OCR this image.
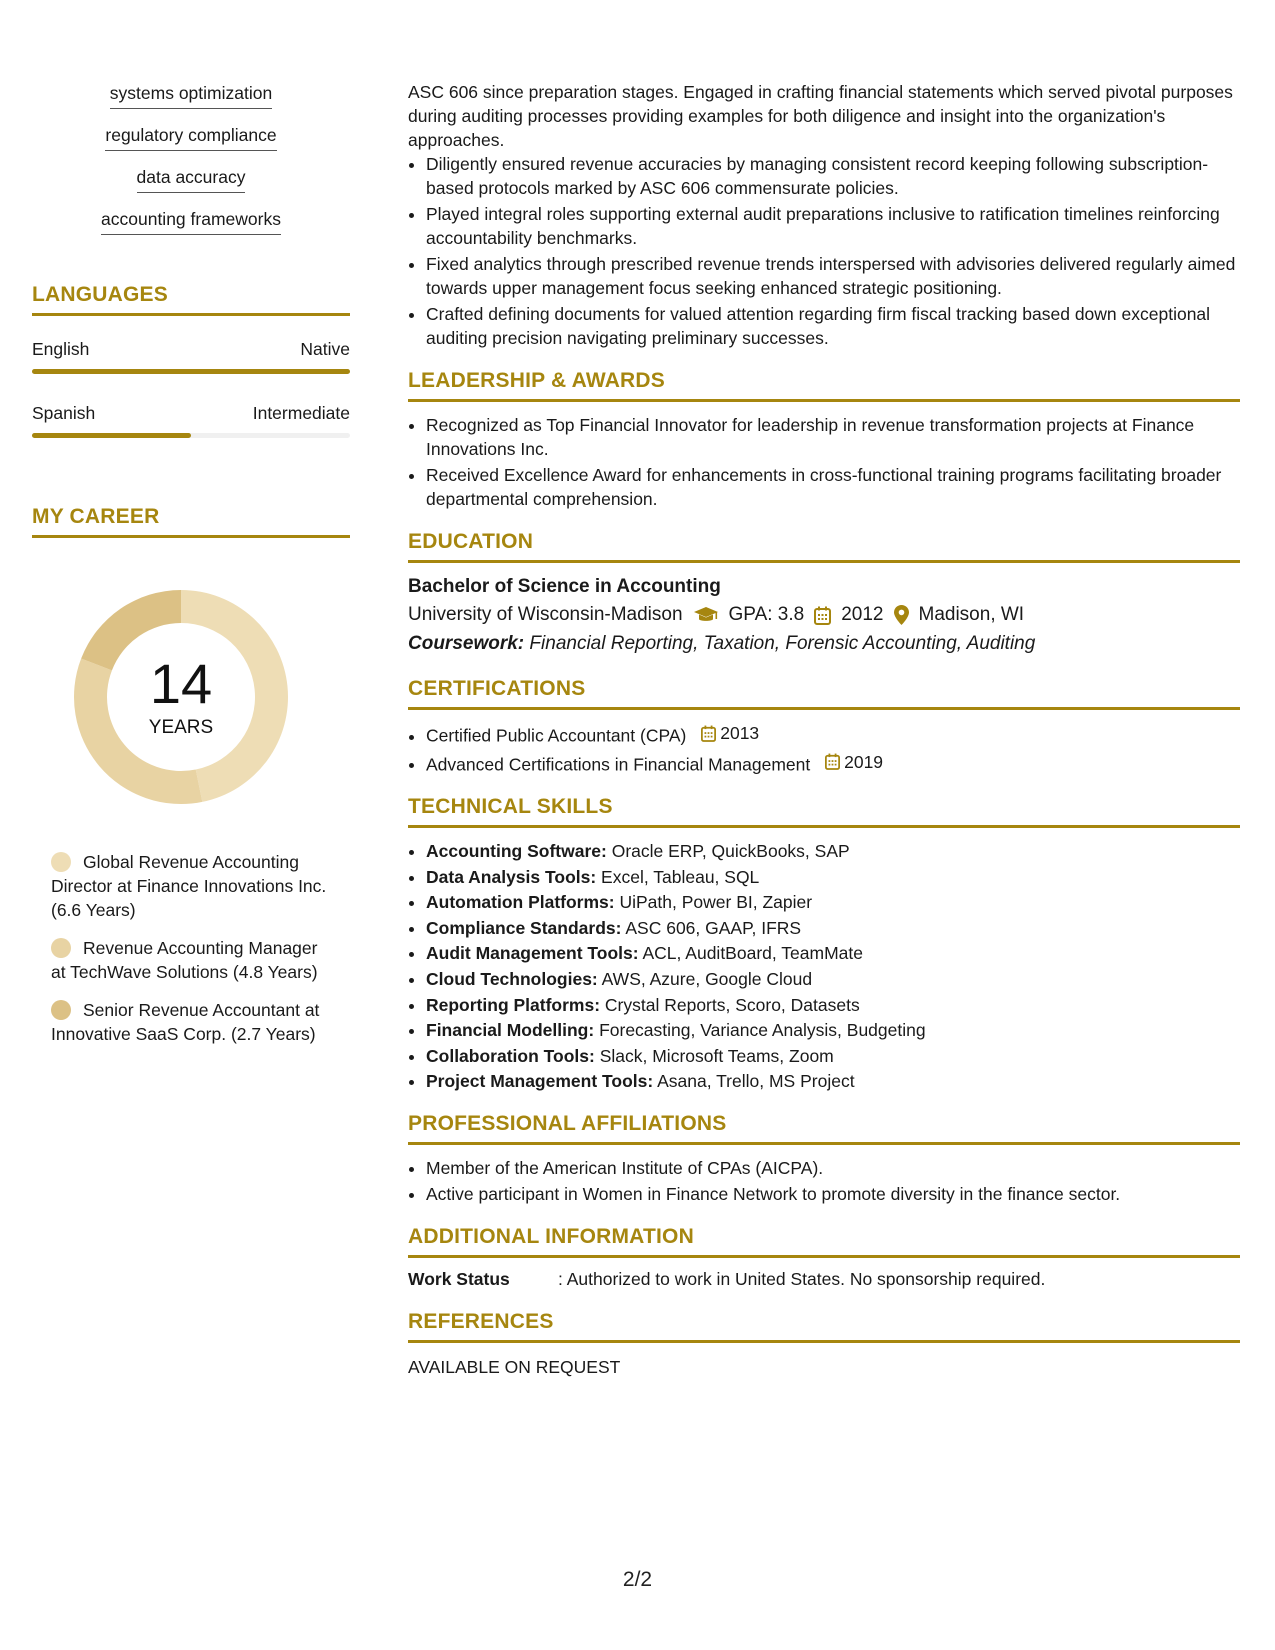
systems optimization
regulatory compliance
data accuracy
accounting frameworks
LANGUAGES
English	Native
Spanish	Intermediate
MY CAREER
14
YEARS
Global Revenue Accounting Director at Finance Innovations Inc. (6.6 Years)
Revenue Accounting Manager at TechWave Solutions (4.8 Years)
Senior Revenue Accountant at Innovative SaaS Corp. (2.7 Years)
ASC 606 since preparation stages. Engaged in crafting financial statements which served pivotal purposes during auditing processes providing examples for both diligence and insight into the organization's approaches.
• Diligently ensured revenue accuracies by managing consistent record keeping following subscription-based protocols marked by ASC 606 commensurate policies.
• Played integral roles supporting external audit preparations inclusive to ratification timelines reinforcing accountability benchmarks.
• Fixed analytics through prescribed revenue trends interspersed with advisories delivered regularly aimed towards upper management focus seeking enhanced strategic positioning.
• Crafted defining documents for valued attention regarding firm fiscal tracking based down exceptional auditing precision navigating preliminary successes.
LEADERSHIP & AWARDS
• Recognized as Top Financial Innovator for leadership in revenue transformation projects at Finance Innovations Inc.
• Received Excellence Award for enhancements in cross-functional training programs facilitating broader departmental comprehension.
EDUCATION
Bachelor of Science in Accounting
University of Wisconsin-Madison GPA: 3.8 2012 Madison, WI
Coursework: Financial Reporting, Taxation, Forensic Accounting, Auditing
CERTIFICATIONS
• Certified Public Accountant (CPA) 2013
• Advanced Certifications in Financial Management 2019
TECHNICAL SKILLS
• Accounting Software: Oracle ERP, QuickBooks, SAP
• Data Analysis Tools: Excel, Tableau, SQL
• Automation Platforms: UiPath, Power BI, Zapier
• Compliance Standards: ASC 606, GAAP, IFRS
• Audit Management Tools: ACL, AuditBoard, TeamMate
• Cloud Technologies: AWS, Azure, Google Cloud
• Reporting Platforms: Crystal Reports, Scoro, Datasets
• Financial Modelling: Forecasting, Variance Analysis, Budgeting
• Collaboration Tools: Slack, Microsoft Teams, Zoom
• Project Management Tools: Asana, Trello, MS Project
PROFESSIONAL AFFILIATIONS
• Member of the American Institute of CPAs (AICPA).
• Active participant in Women in Finance Network to promote diversity in the finance sector.
ADDITIONAL INFORMATION
Work Status	: Authorized to work in United States. No sponsorship required.
REFERENCES
AVAILABLE ON REQUEST
2/2
